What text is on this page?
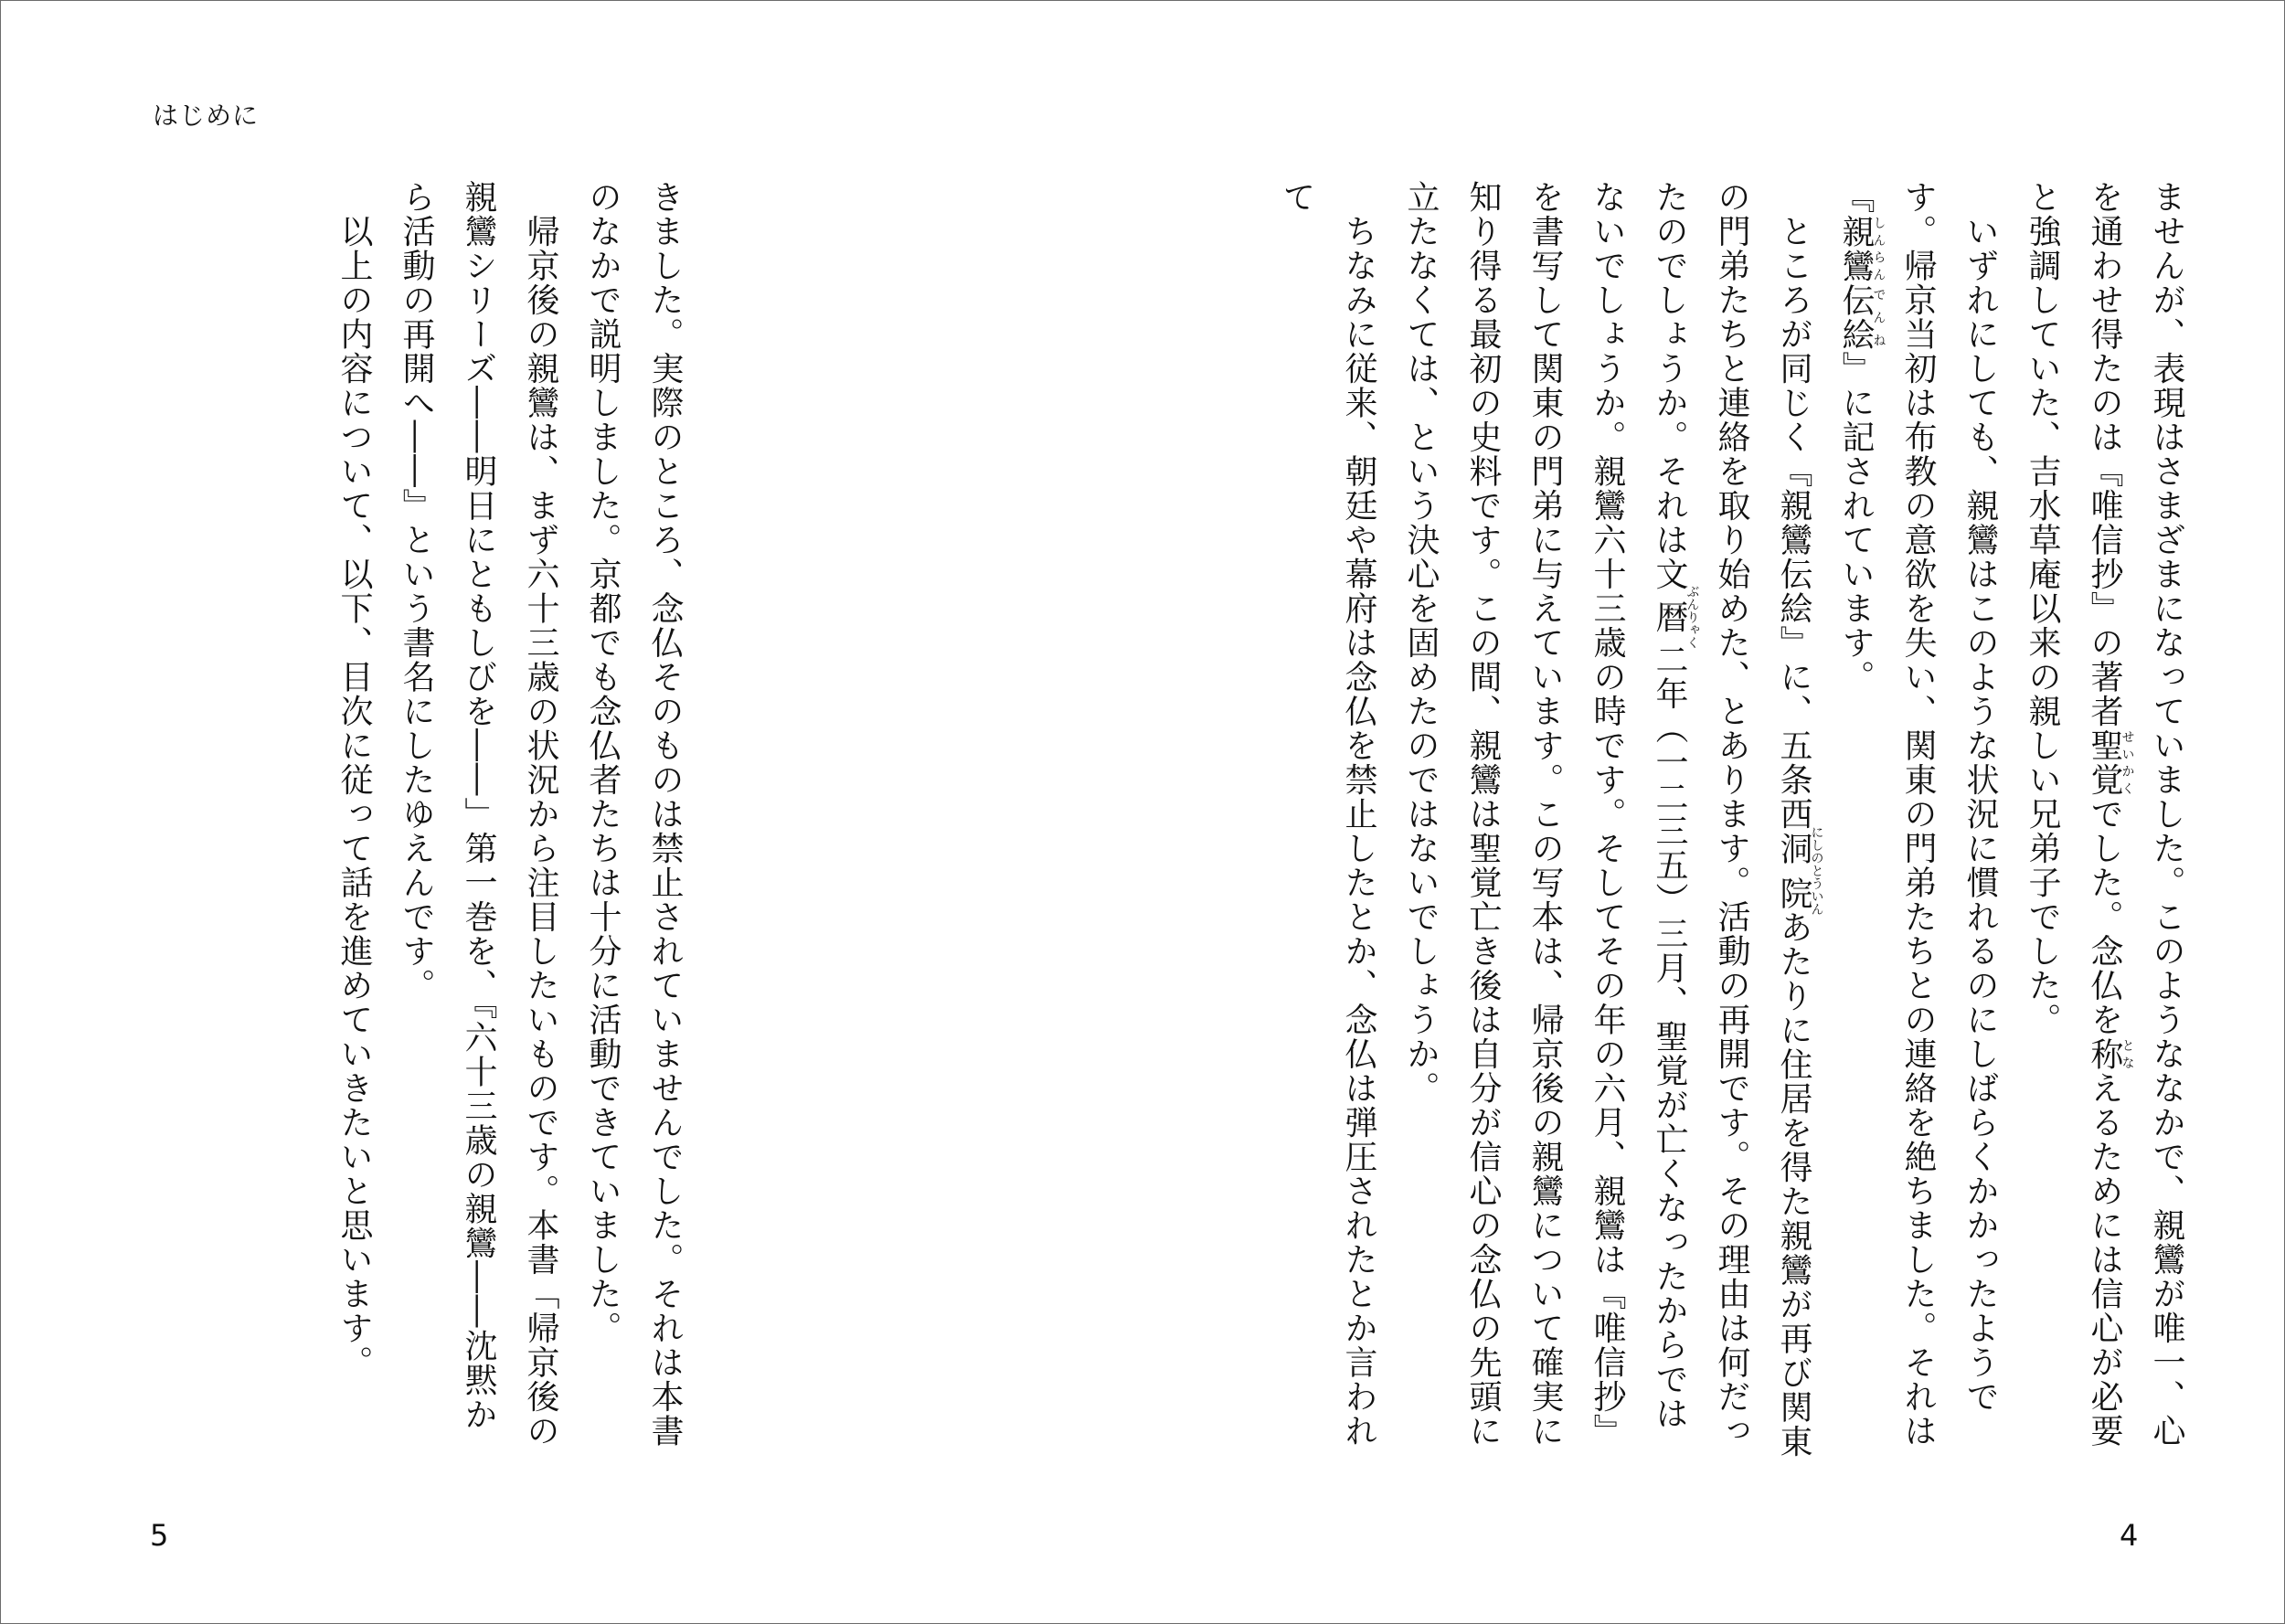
はじめに

ませんが、表現はさまざまになっていました。このようななかで、親鸞が唯一、心を通わせ得たのは『唯信抄』の著者聖覚せいかくでした。念仏を称となえるためには信心が必要と強調していた、吉水草庵以来の親しい兄弟子でした。

　いずれにしても、親鸞はこのような状況に慣れるのにしばらくかかったようです。帰京当初は布教の意欲を失い、関東の門弟たちとの連絡を絶ちました。それは『親鸞しんらん伝絵でんね』に記されています。

　ところが同じく『親鸞伝絵』に、五条西洞院にしのとういんあたりに住居を得た親鸞が再び関東の門弟たちと連絡を取り始めた、とあります。活動の再開です。その理由は何だったのでしょうか。それは文暦ぶんりゃく二年（一二三五）三月、聖覚が亡くなったからではないでしょうか。親鸞六十三歳の時です。そしてその年の六月、親鸞は『唯信抄』を書写して関東の門弟に与えています。この写本は、帰京後の親鸞について確実に知り得る最初の史料です。この間、親鸞は聖覚亡き後は自分が信心の念仏の先頭に立たなくては、という決心を固めたのではないでしょうか。

　ちなみに従来、朝廷や幕府は念仏を禁止したとか、念仏は弾圧されたとか言われて

きました。実際のところ、念仏そのものは禁止されていませんでした。それは本書のなかで説明しました。京都でも念仏者たちは十分に活動できていました。

　帰京後の親鸞は、まず六十三歳の状況から注目したいものです。本書「帰京後の親鸞シリーズ――明日にともしびを――」第一巻を、『六十三歳の親鸞――沈黙から活動の再開へ――』という書名にしたゆえんです。

　以上の内容について、以下、目次に従って話を進めていきたいと思います。

5	4
